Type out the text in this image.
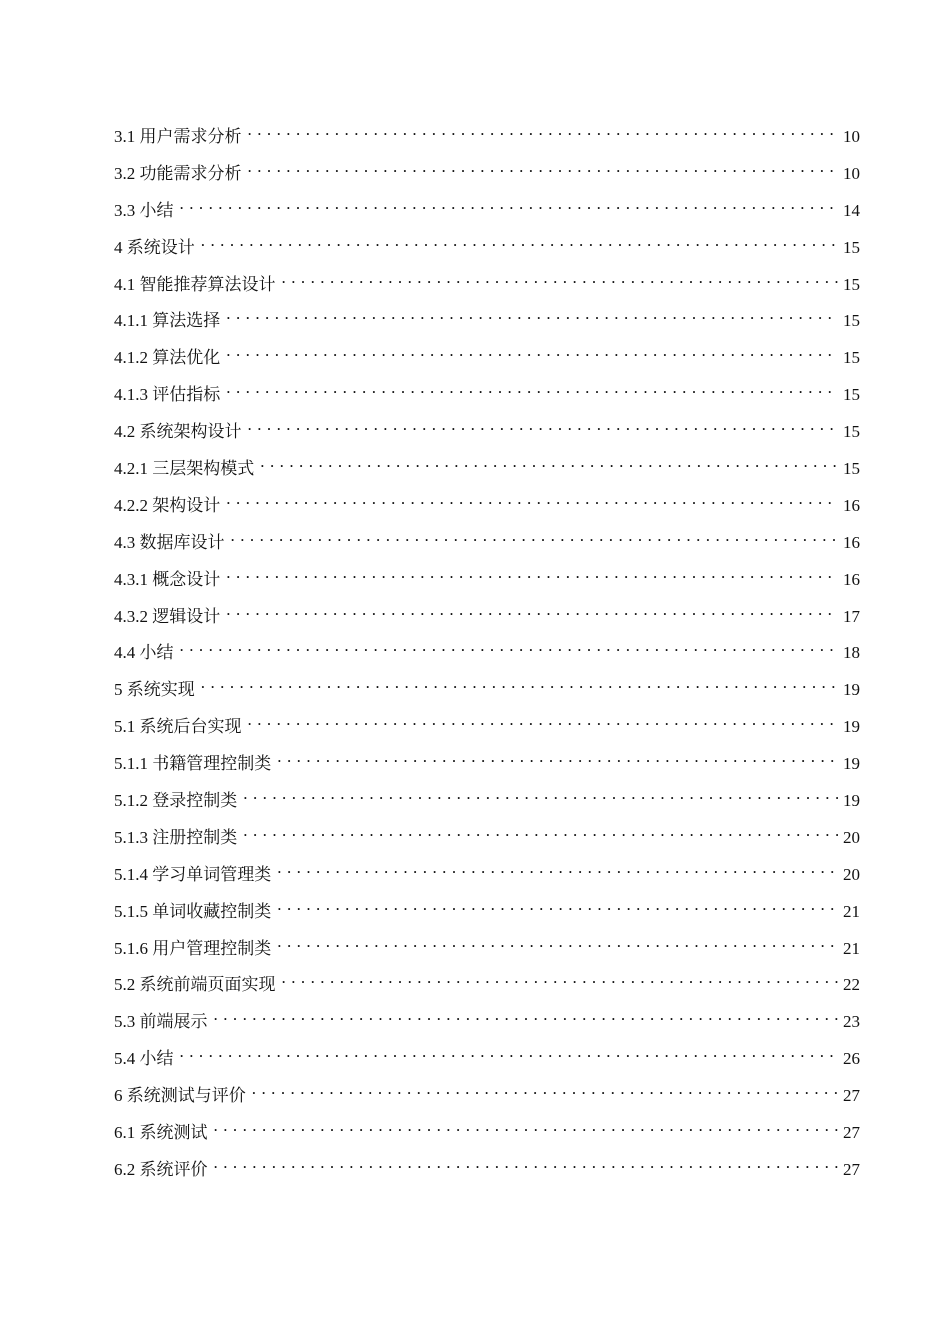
3.1 用户需求分析 . . .	10
3.2 功能需求分析 . . .	10
3.3 小结 . . .	14
4 系统设计 . . .	15
4.1 智能推荐算法设计 . . .	15
4.1.1 算法选择 . . .	15
4.1.2 算法优化 . . .	15
4.1.3 评估指标 . . .	15
4.2 系统架构设计 . . .	15
4.2.1 三层架构模式 . . .	15
4.2.2 架构设计 . . .	16
4.3 数据库设计 . . .	16
4.3.1 概念设计 . . .	16
4.3.2 逻辑设计 . . .	17
4.4 小结 . . .	18
5 系统实现 . . .	19
5.1 系统后台实现 . . .	19
5.1.1 书籍管理控制类 . . .	19
5.1.2 登录控制类 . . .	19
5.1.3 注册控制类 . . .	20
5.1.4 学习单词管理类 . . .	20
5.1.5 单词收藏控制类 . . .	21
5.1.6 用户管理控制类 . . .	21
5.2 系统前端页面实现 . . .	22
5.3 前端展示 . . .	23
5.4 小结 . . .	26
6 系统测试与评价 . . .	27
6.1 系统测试 . . .	27
6.2 系统评价 . . .	27
